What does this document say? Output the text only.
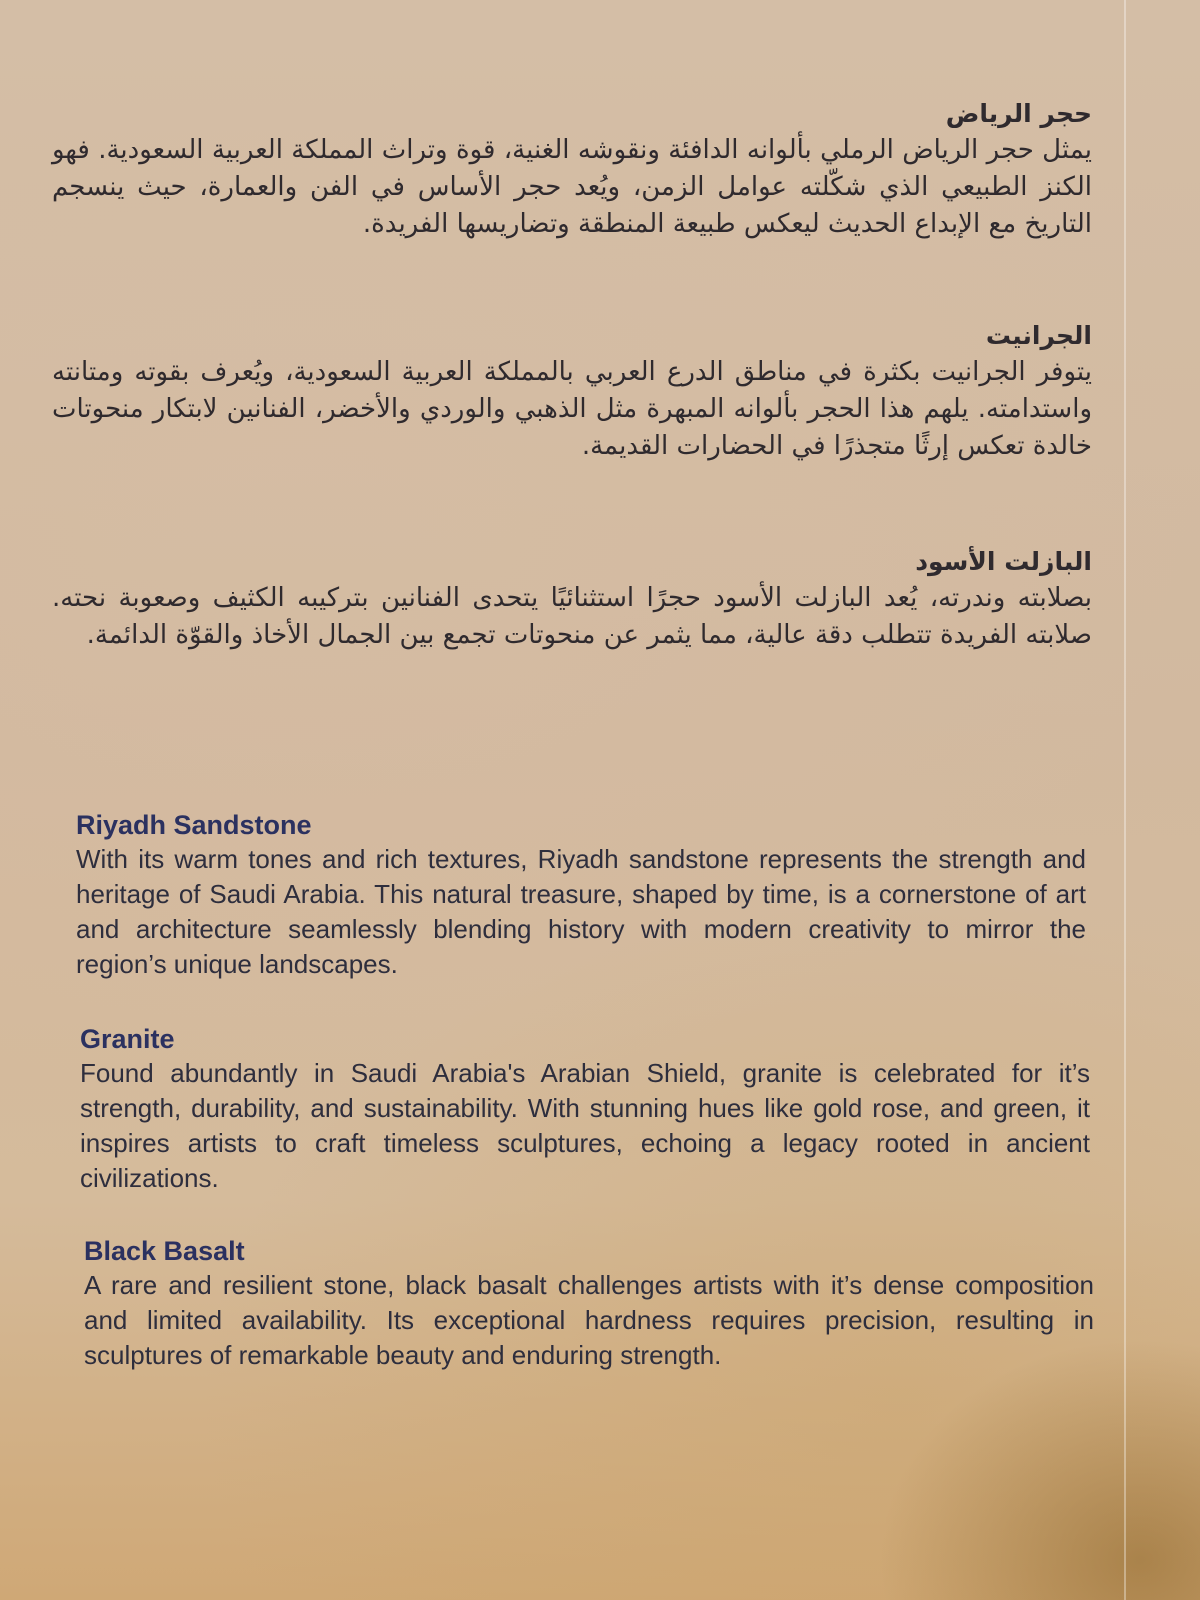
حجر الرياض

يمثل حجر الرياض الرملي بألوانه الدافئة ونقوشه الغنية، قوة وتراث المملكة العربية السعودية. فهو الكنز الطبيعي الذي شكّلته عوامل الزمن، ويُعد حجر الأساس في الفن والعمارة، حيث ينسجم التاريخ مع الإبداع الحديث ليعكس طبيعة المنطقة وتضاريسها الفريدة.

الجرانيت

يتوفر الجرانيت بكثرة في مناطق الدرع العربي بالمملكة العربية السعودية، ويُعرف بقوته ومتانته واستدامته. يلهم هذا الحجر بألوانه المبهرة مثل الذهبي والوردي والأخضر، الفنانين لابتكار منحوتات خالدة تعكس إرثًا متجذرًا في الحضارات القديمة.

البازلت الأسود

بصلابته وندرته، يُعد البازلت الأسود حجرًا استثنائيًا يتحدى الفنانين بتركيبه الكثيف وصعوبة نحته. صلابته الفريدة تتطلب دقة عالية، مما يثمر عن منحوتات تجمع بين الجمال الأخاذ والقوّة الدائمة.

Riyadh Sandstone

With its warm tones and rich textures, Riyadh sandstone represents the strength and heritage of Saudi Arabia. This natural treasure, shaped by time, is a cornerstone of art and architecture seamlessly blending history with modern creativity to mirror the region’s unique landscapes.

Granite

Found abundantly in Saudi Arabia's Arabian Shield, granite is celebrated for it’s strength, durability, and sustainability. With stunning hues like gold rose, and green, it inspires artists to craft timeless sculptures, echoing a legacy rooted in ancient civilizations.

Black Basalt

A rare and resilient stone, black basalt challenges artists with it’s dense composition and limited availability. Its exceptional hardness requires precision, resulting in sculptures of remarkable beauty and enduring strength.
